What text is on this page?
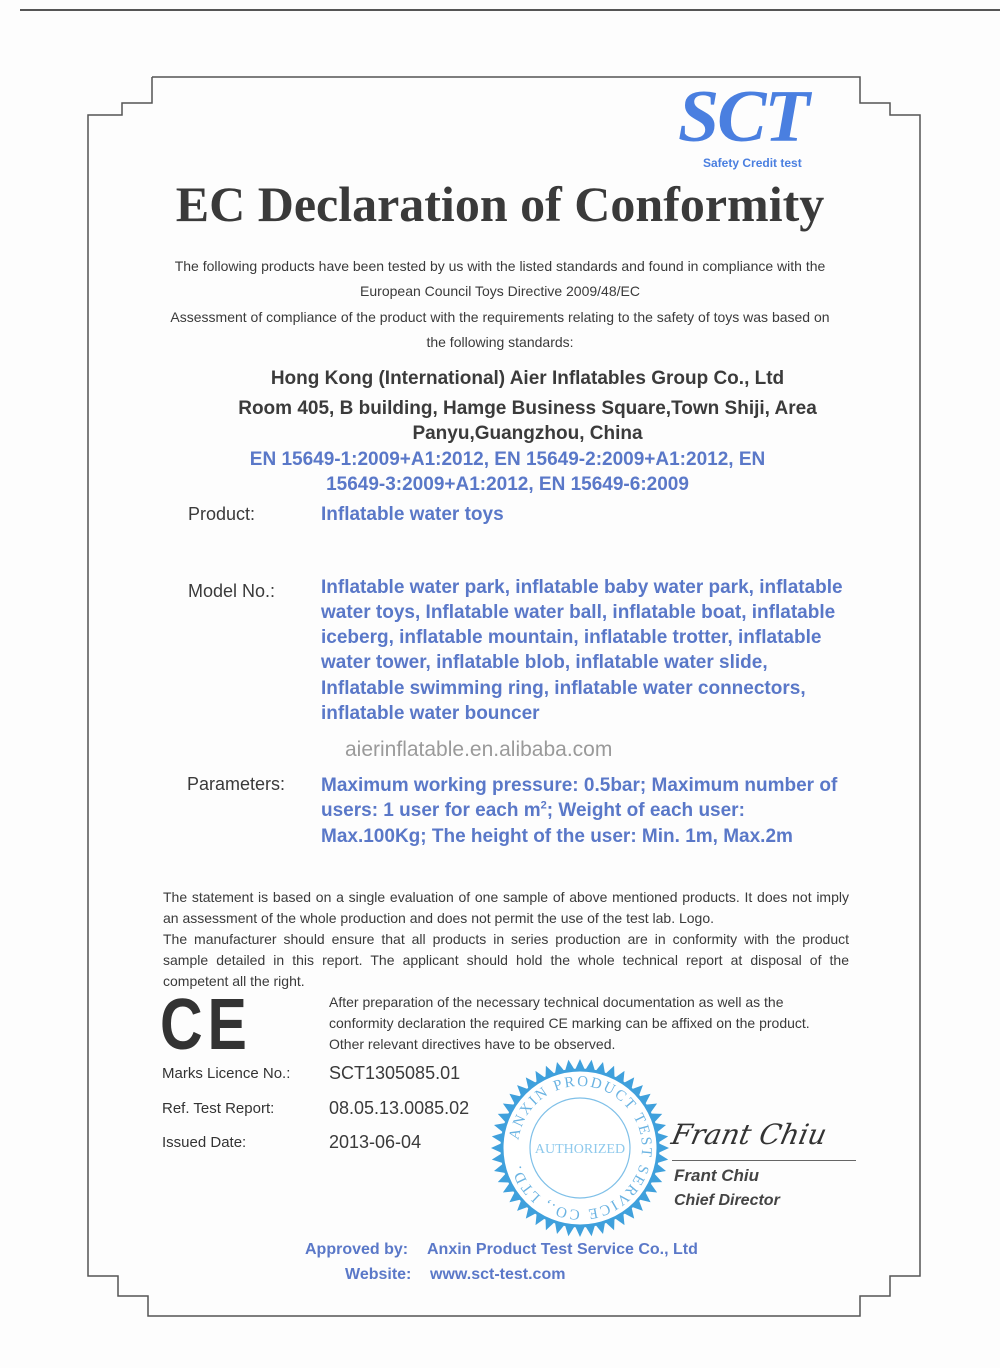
SCT
Safety Credit test
EC Declaration of Conformity
The following products have been tested by us with the listed standards and found in compliance with the
European Council Toys Directive 2009/48/EC
Assessment of compliance of the product with the requirements relating to the safety of toys was based on
the following standards:
Hong Kong (International) Aier Inflatables Group Co., Ltd
Room 405, B building, Hamge Business Square,Town Shiji, Area
Panyu,Guangzhou, China
EN 15649-1:2009+A1:2012, EN 15649-2:2009+A1:2012, EN
15649-3:2009+A1:2012, EN 15649-6:2009
Product:	Inflatable water toys
Model No.: Inflatable water park, inflatable baby water park, inflatable
water toys, Inflatable water ball, inflatable boat, inflatable
iceberg, inflatable mountain, inflatable trotter, inflatable
water tower, inflatable blob, inflatable water slide,
Inflatable swimming ring, inflatable water connectors,
inflatable water bouncer
aierinflatable.en.alibaba.com
Parameters: Maximum working pressure: 0.5bar; Maximum number of
users: 1 user for each $m^2$; Weight of each user:
Max.100Kg; The height of the user: Min. 1m, Max.2m
The statement is based on a single evaluation of one sample of above mentioned products. It does not imply an assessment of the whole production and does not permit the use of the test lab. Logo.
The manufacturer should ensure that all products in series production are in conformity with the product sample detailed in this report. The applicant should hold the whole technical report at disposal of the competent all the right.
CE	After preparation of the necessary technical documentation as well as the
conformity declaration the required CE marking can be affixed on the product.
Other relevant directives have to be observed.
Marks Licence No.: SCT1305085.01
Ref. Test Report:	08.05.13.0085.02
Issued Date:	2013-06-04	ANXIN PRODUCT TEST SERVICE CO., LTD.
AUTHORIZED Frant Chiu
Frant Chiu
Chief Director
Approved by: Anxin Product Test Service Co., Ltd
Website: www.sct-test.com
